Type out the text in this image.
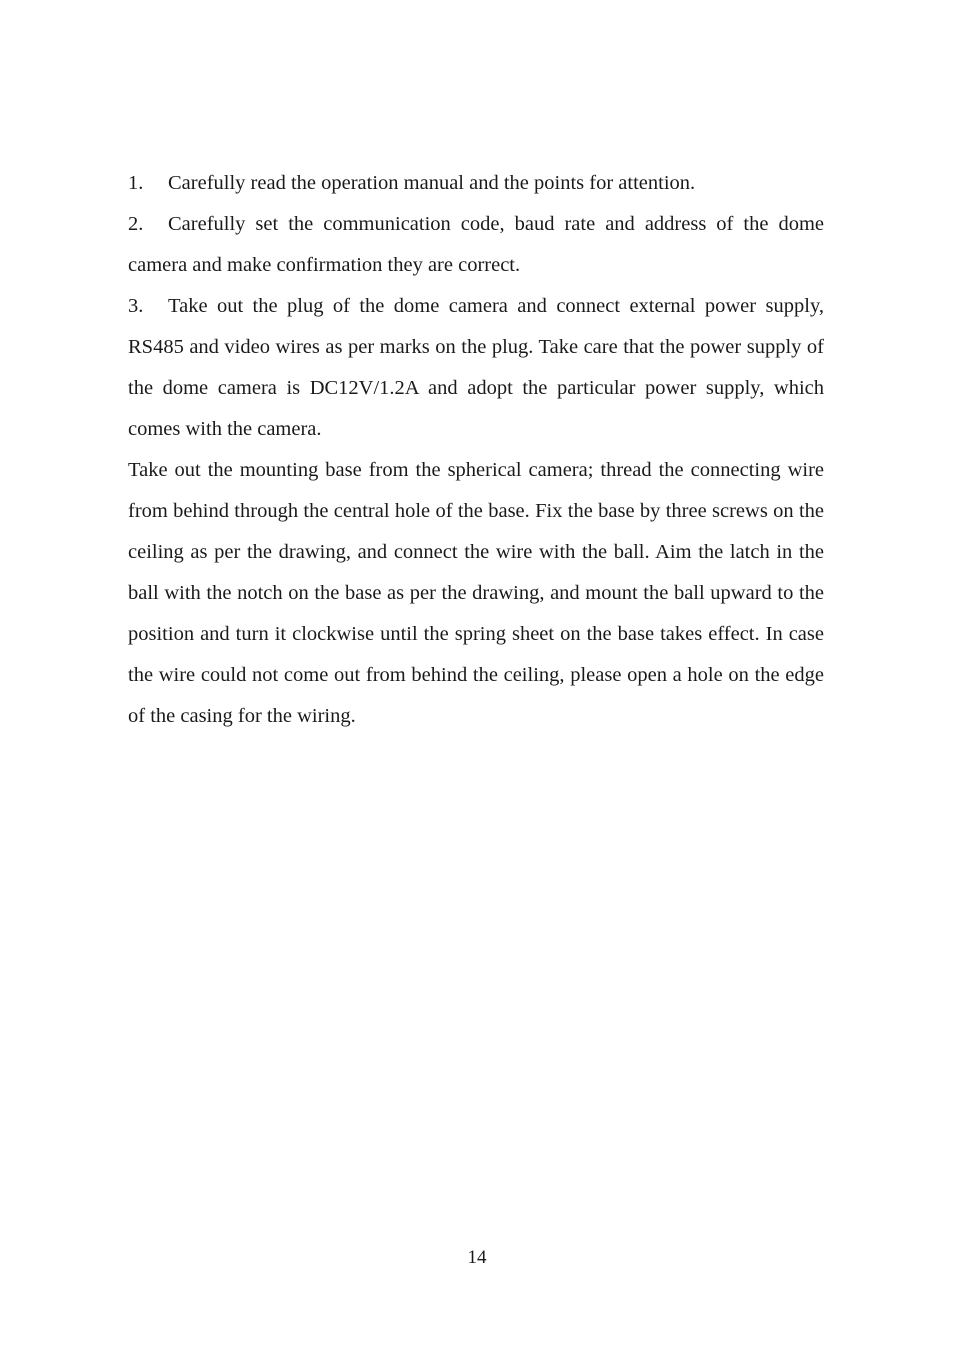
1. Carefully read the operation manual and the points for attention.

2. Carefully set the communication code, baud rate and address of the dome camera and make confirmation they are correct.

3. Take out the plug of the dome camera and connect external power supply, RS485 and video wires as per marks on the plug. Take care that the power supply of the dome camera is DC12V/1.2A and adopt the particular power supply, which comes with the camera.

Take out the mounting base from the spherical camera; thread the connecting wire from behind through the central hole of the base. Fix the base by three screws on the ceiling as per the drawing, and connect the wire with the ball. Aim the latch in the ball with the notch on the base as per the drawing, and mount the ball upward to the position and turn it clockwise until the spring sheet on the base takes effect. In case the wire could not come out from behind the ceiling, please open a hole on the edge of the casing for the wiring.

14
